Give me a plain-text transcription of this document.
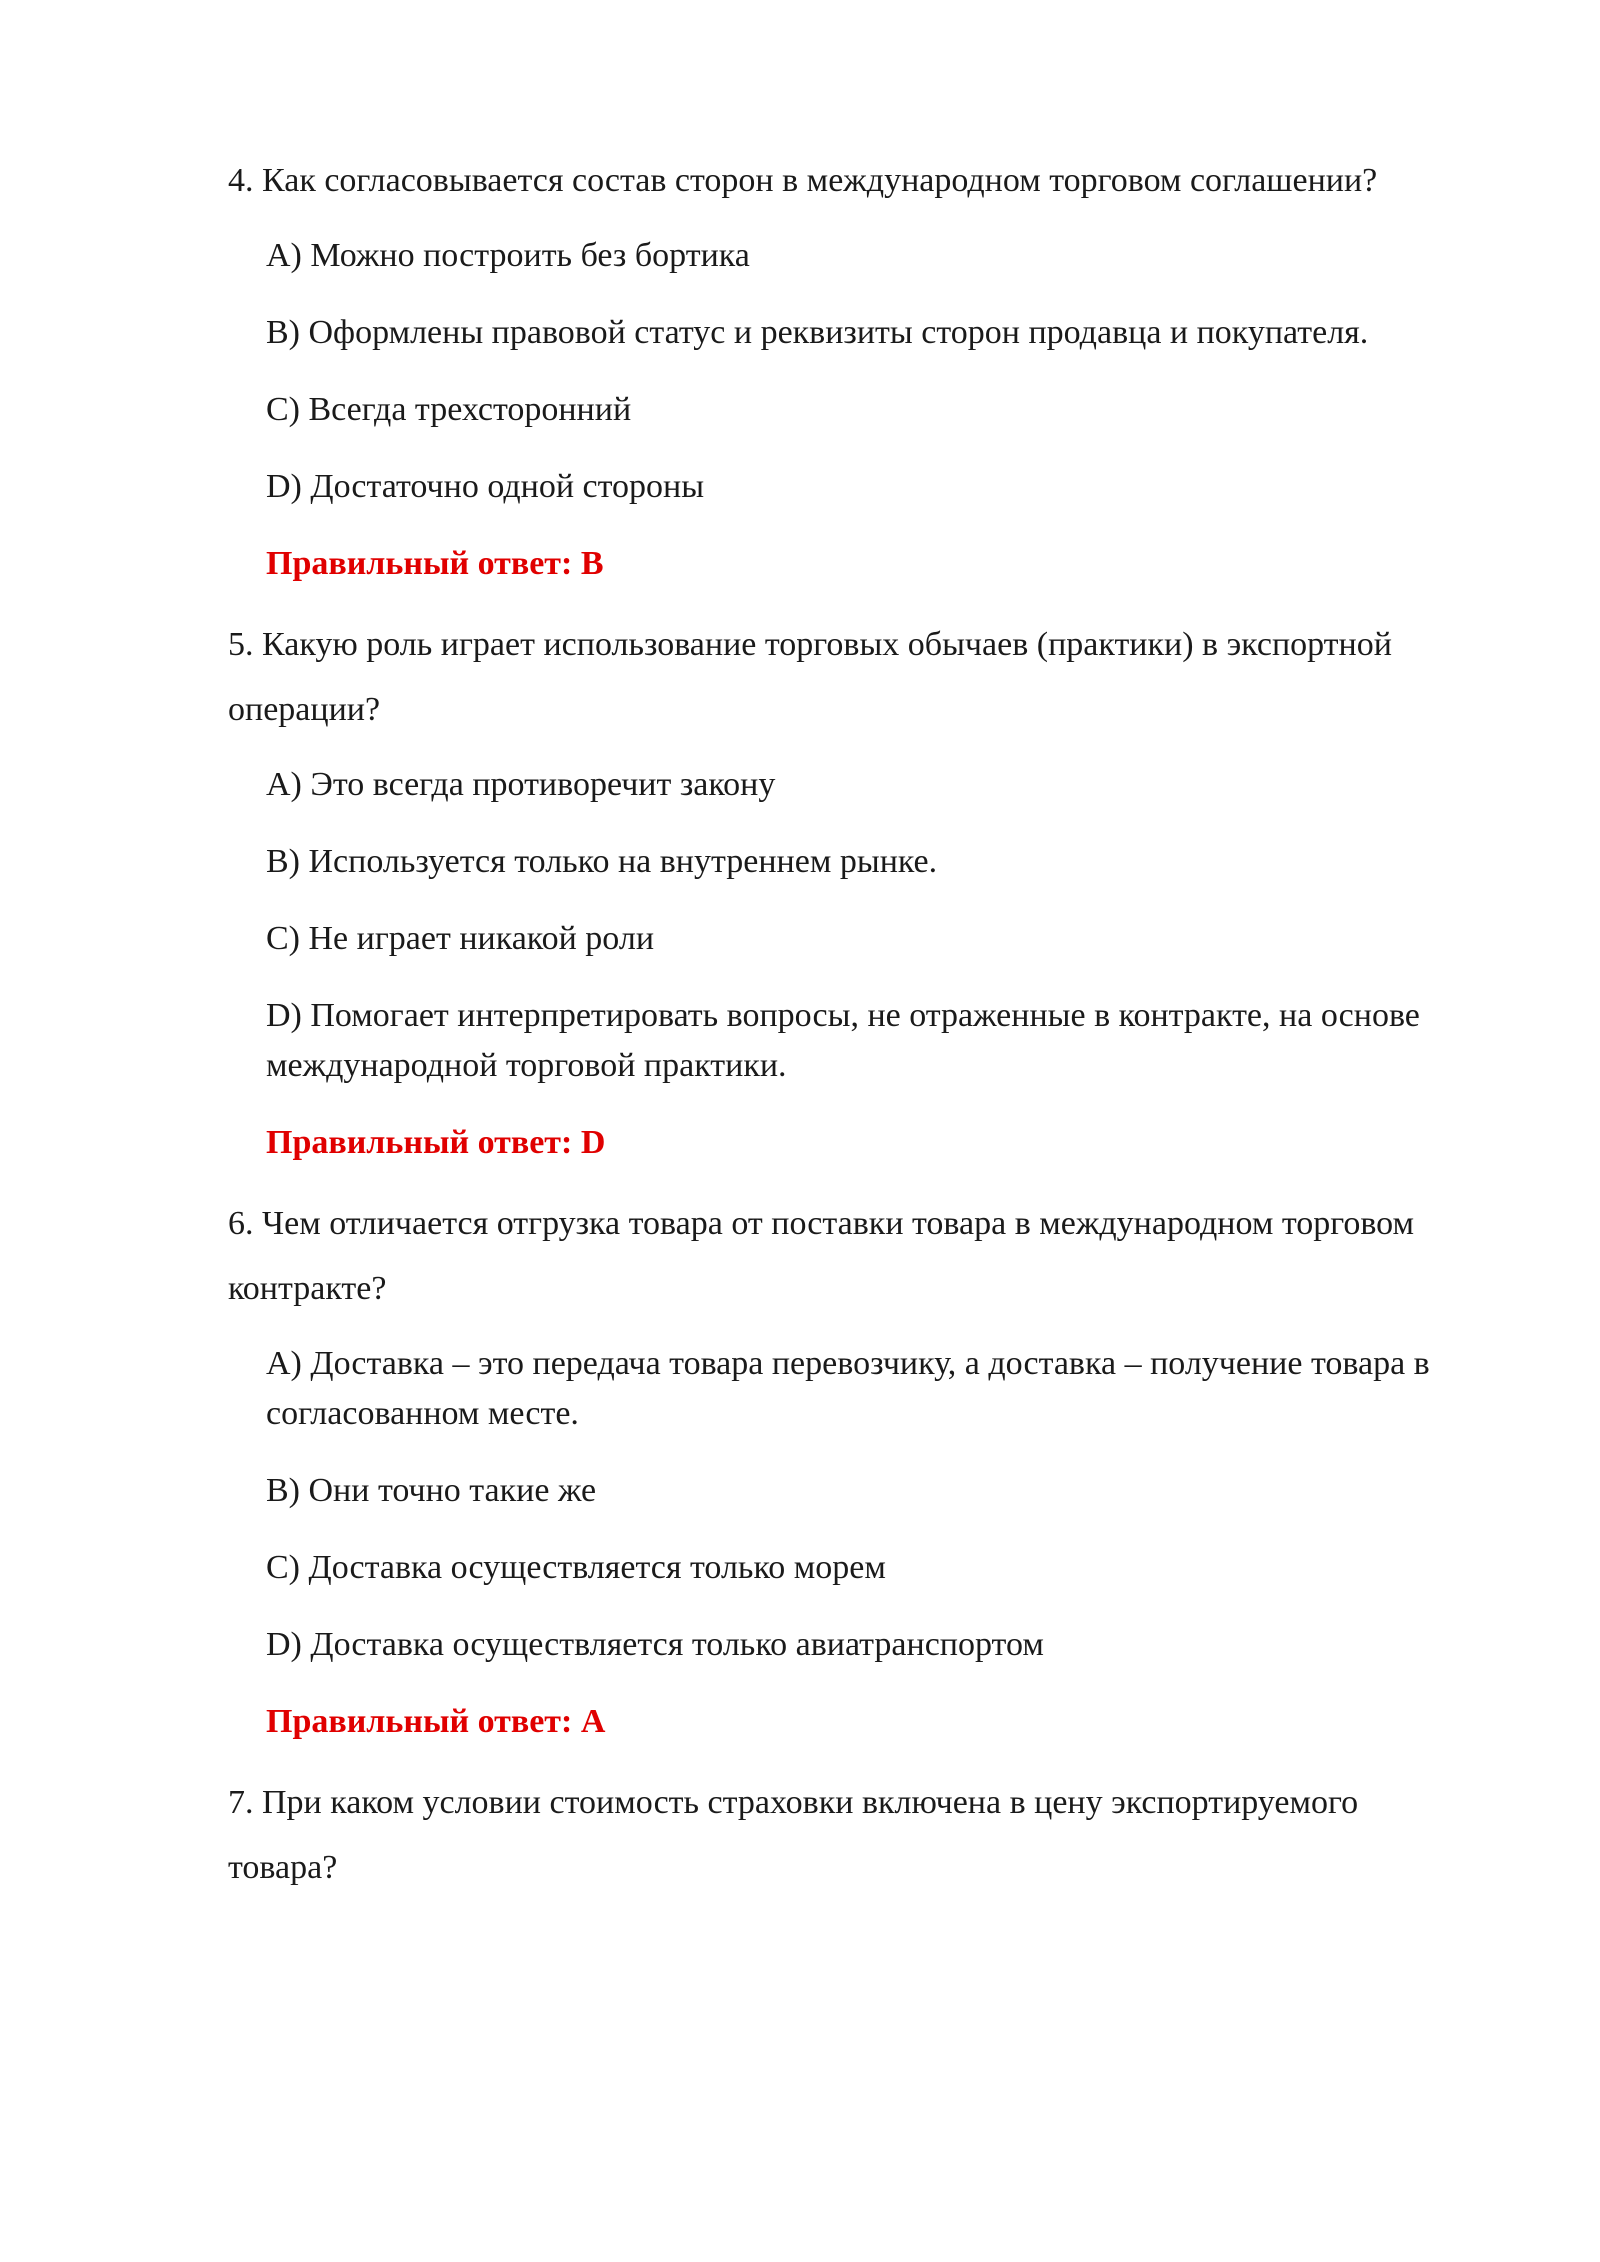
4. Как согласовывается состав сторон в международном торговом соглашении?

A) Можно построить без бортика

B) Оформлены правовой статус и реквизиты сторон продавца и покупателя.

C) Всегда трехсторонний

D) Достаточно одной стороны

Правильный ответ: B

5. Какую роль играет использование торговых обычаев (практики) в экспортной операции?

A) Это всегда противоречит закону

B) Используется только на внутреннем рынке.

C) Не играет никакой роли

D) Помогает интерпретировать вопросы, не отраженные в контракте, на основе международной торговой практики.

Правильный ответ: D

6. Чем отличается отгрузка товара от поставки товара в международном торговом контракте?

A) Доставка – это передача товара перевозчику, а доставка – получение товара в согласованном месте.

B) Они точно такие же

C) Доставка осуществляется только морем

D) Доставка осуществляется только авиатранспортом

Правильный ответ: A

7. При каком условии стоимость страховки включена в цену экспортируемого товара?
